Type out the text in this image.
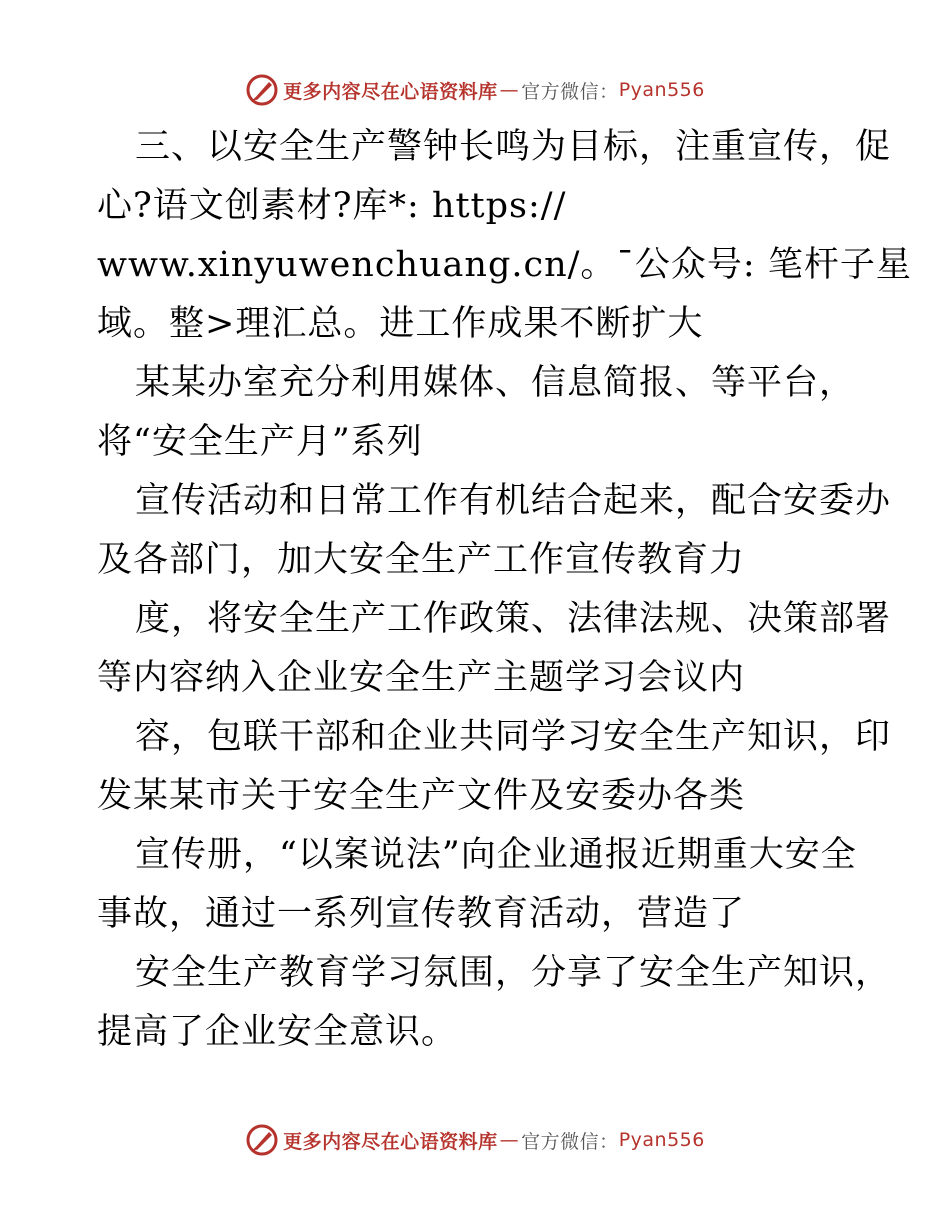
更多内容尽在心语资料库 — 官方微信： Pyan556
三、以安全生产警钟长鸣为目标，注重宣传，促
心?语文创素材?库*: https://
www.xinyuwenchuang.cn/。¯公众号: 笔杆子星
域。整>理汇总。进工作成果不断扩大
某某办室充分利用媒体、信息简报、等平台，
将“安全生产月”系列
宣传活动和日常工作有机结合起来，配合安委办
及各部门，加大安全生产工作宣传教育力
度，将安全生产工作政策、法律法规、决策部署
等内容纳入企业安全生产主题学习会议内
容，包联干部和企业共同学习安全生产知识，印
发某某市关于安全生产文件及安委办各类
宣传册，“以案说法”向企业通报近期重大安全
事故，通过一系列宣传教育活动，营造了
安全生产教育学习氛围，分享了安全生产知识，
提高了企业安全意识。
更多内容尽在心语资料库 — 官方微信： Pyan556
